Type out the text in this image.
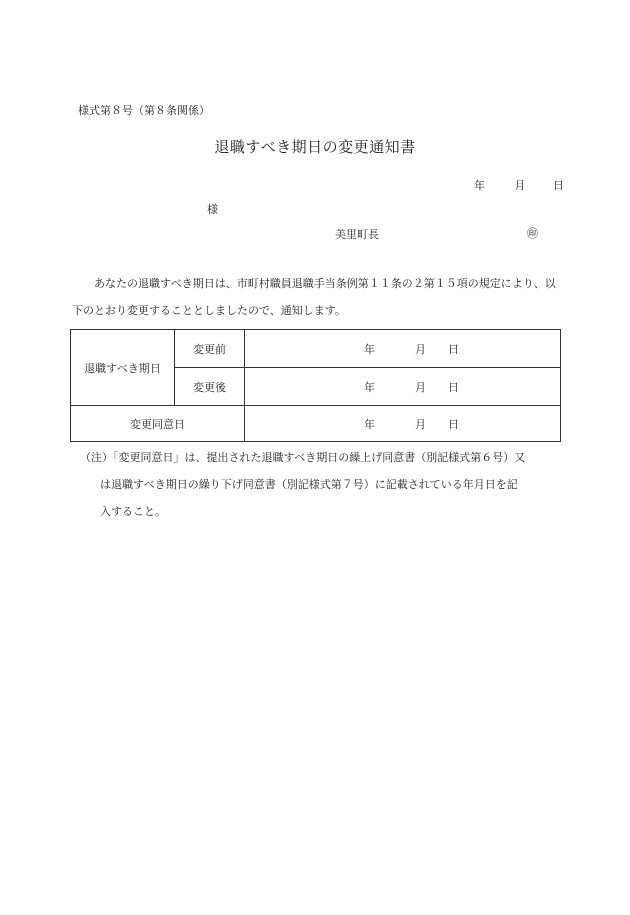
様式第８号（第８条関係）
退職すべき期日の変更通知書
年	月	日
様
美里町長	㊞
あなたの退職すべき期日は、市町村職員退職手当条例第１１条の２第１５項の規定により、以下のとおり変更することとしましたので、通知します。
退職すべき期日	変更前	年 月 日
	変更後	年 月 日
変更同意日		年 月 日
（注）「変更同意日」は、提出された退職すべき期日の繰上げ同意書（別記様式第６号）又
は退職すべき期日の繰り下げ同意書（別記様式第７号）に記載されている年月日を記
入すること。
